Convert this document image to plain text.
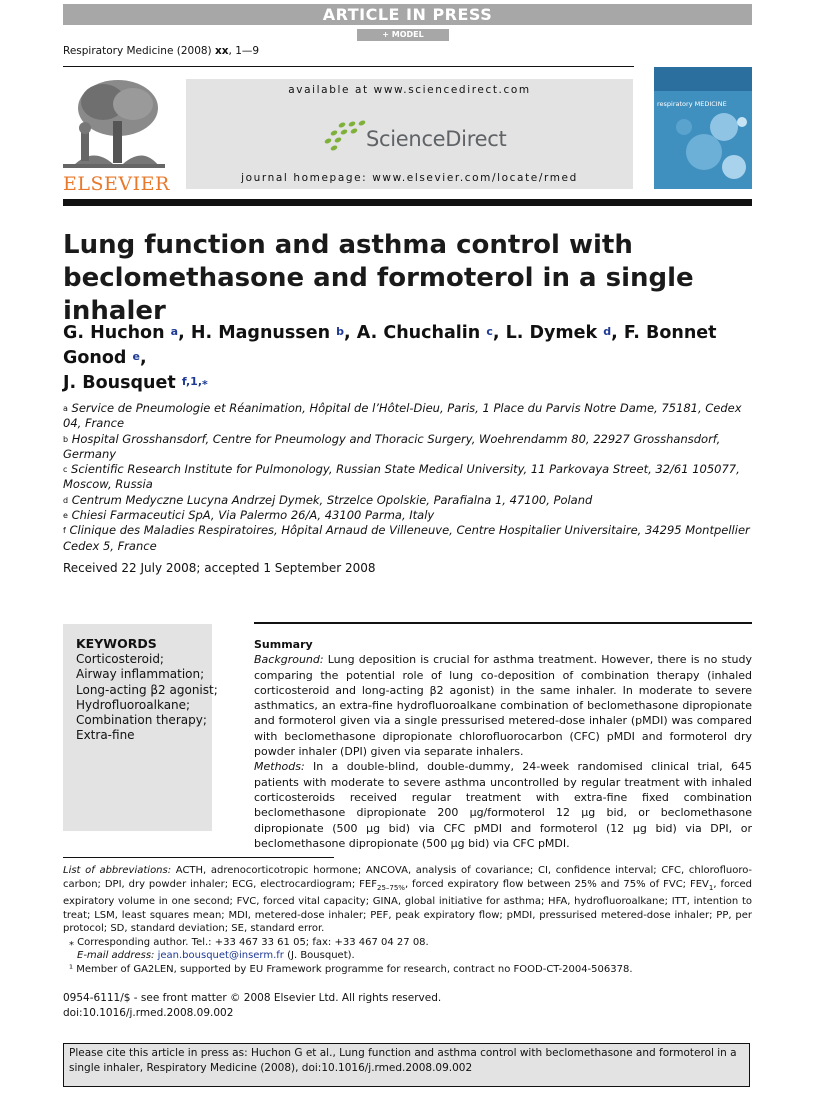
ARTICLE IN PRESS
+ MODEL
Respiratory Medicine (2008) xx, 1—9
ELSEVIER
available at www.sciencedirect.com
ScienceDirect
journal homepage: www.elsevier.com/locate/rmed
respiratory MEDICINE
Lung function and asthma control with beclomethasone and formoterol in a single inhaler
G. Huchon $^a$, H. Magnussen $^b$, A. Chuchalin $^c$, L. Dymek $^d$, F. Bonnet Gonod $^e$,
J. Bousquet $^{f,1,⁎}$
$^a$ Service de Pneumologie et Réanimation, Hôpital de l’Hôtel-Dieu, Paris, 1 Place du Parvis Notre Dame, 75181, Cedex 04, France
$^b$ Hospital Grosshansdorf, Centre for Pneumology and Thoracic Surgery, Woehrendamm 80, 22927 Grosshansdorf, Germany
$^c$ Scientific Research Institute for Pulmonology, Russian State Medical University, 11 Parkovaya Street, 32/61 105077, Moscow, Russia
$^d$ Centrum Medyczne Lucyna Andrzej Dymek, Strzelce Opolskie, Parafialna 1, 47100, Poland
$^e$ Chiesi Farmaceutici SpA, Via Palermo 26/A, 43100 Parma, Italy
$^f$ Clinique des Maladies Respiratoires, Hôpital Arnaud de Villeneuve, Centre Hospitalier Universitaire, 34295 Montpellier Cedex 5, France
Received 22 July 2008; accepted 1 September 2008
KEYWORDS
Corticosteroid;
Airway inflammation;
Long-acting β2 agonist;
Hydrofluoroalkane;
Combination therapy;
Extra-fine
Summary
Background: Lung deposition is crucial for asthma treatment. However, there is no study comparing the potential role of lung co-deposition of combination therapy (inhaled corticosteroid and long-acting β2 agonist) in the same inhaler. In moderate to severe asthmatics, an extra-fine hydrofluoroalkane combination of beclomethasone dipropionate and formoterol given via a single pressurised metered-dose inhaler (pMDI) was compared with beclomethasone dipropionate chlorofluorocarbon (CFC) pMDI and formoterol dry powder inhaler (DPI) given via separate inhalers.
Methods: In a double-blind, double-dummy, 24-week randomised clinical trial, 645 patients with moderate to severe asthma uncontrolled by regular treatment with inhaled corticosteroids received regular treatment with extra-fine fixed combination beclomethasone dipropionate 200 μg/formoterol 12 μg bid, or beclomethasone dipropionate (500 μg bid) via CFC pMDI and formoterol (12 μg bid) via DPI, or beclomethasone dipropionate (500 μg bid) via CFC pMDI.
List of abbreviations: ACTH, adrenocorticotropic hormone; ANCOVA, analysis of covariance; CI, confidence interval; CFC, chlorofluorocarbon; DPI, dry powder inhaler; ECG, electrocardiogram; $FEF_{25-75\%}$, forced expiratory flow between 25% and 75% of FVC; $FEV_1$, forced expiratory volume in one second; FVC, forced vital capacity; GINA, global initiative for asthma; HFA, hydrofluoroalkane; ITT, intention to treat; LSM, least squares mean; MDI, metered-dose inhaler; PEF, peak expiratory flow; pMDI, pressurised metered-dose inhaler; PP, per protocol; SD, standard deviation; SE, standard error.
⁎ Corresponding author. Tel.: +33 467 33 61 05; fax: +33 467 04 27 08.
E-mail address: jean.bousquet@inserm.fr (J. Bousquet).
¹ Member of GA2LEN, supported by EU Framework programme for research, contract no FOOD-CT-2004-506378.
0954-6111/$ - see front matter © 2008 Elsevier Ltd. All rights reserved.
doi:10.1016/j.rmed.2008.09.002
Please cite this article in press as: Huchon G et al., Lung function and asthma control with beclomethasone and formoterol in a single inhaler, Respiratory Medicine (2008), doi:10.1016/j.rmed.2008.09.002
